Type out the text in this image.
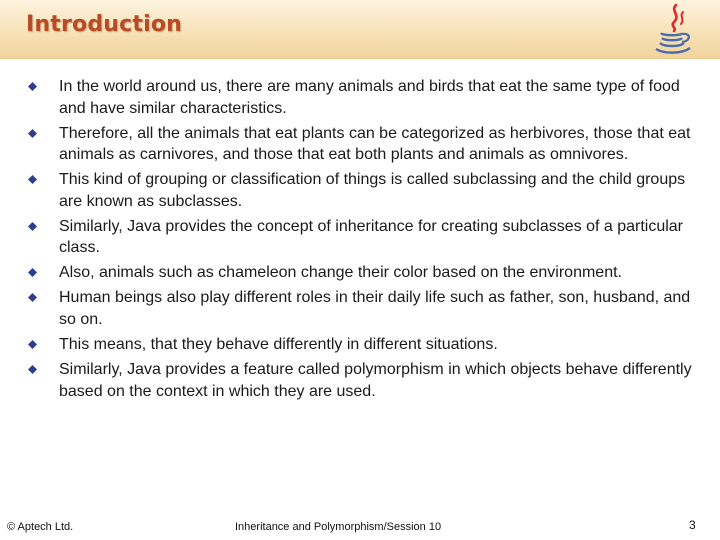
Introduction
In the world around us, there are many animals and birds that eat the same type of food and have similar characteristics.
Therefore, all the animals that eat plants can be categorized as herbivores, those that eat animals as carnivores, and those that eat both plants and animals as omnivores.
This kind of grouping or classification of things is called subclassing and the child groups are known as subclasses.
Similarly, Java provides the concept of inheritance for creating subclasses of a particular class.
Also, animals such as chameleon change their color based on the environment.
Human beings also play different roles in their daily life such as father, son, husband, and so on.
This means, that they behave differently in different situations.
Similarly, Java provides a feature called polymorphism in which objects behave differently based on the context in which they are used.
© Aptech Ltd.	Inheritance and Polymorphism/Session 10	3
